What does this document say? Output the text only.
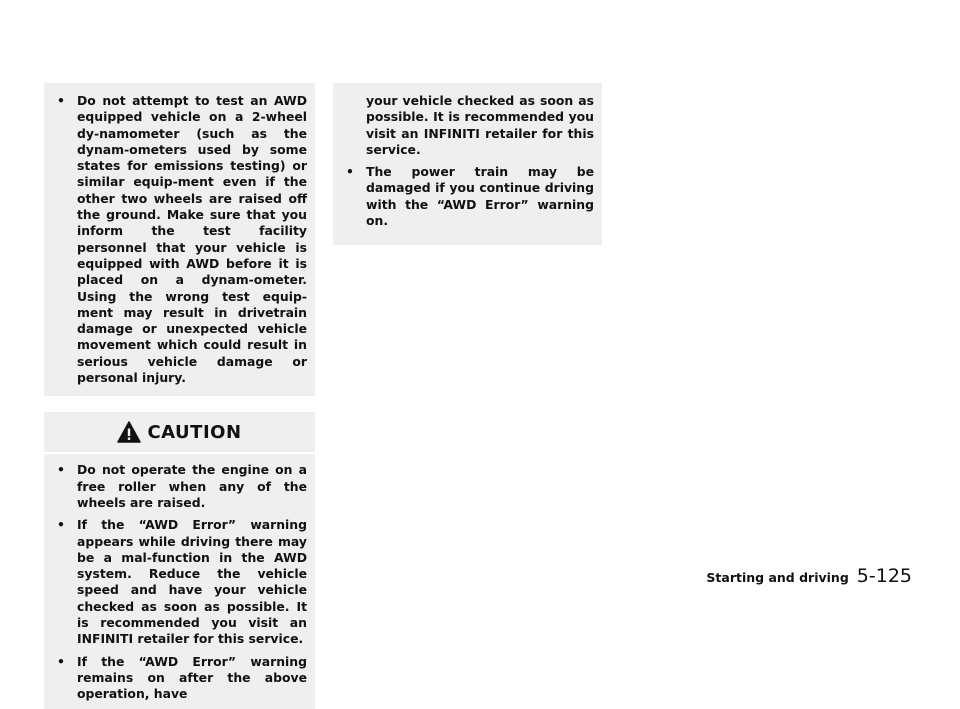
• Do not attempt to test an AWD equipped vehicle on a 2-wheel dy-namometer (such as the dynam-ometers used by some states for emissions testing) or similar equip-ment even if the other two wheels are raised off the ground. Make sure that you inform the test facility personnel that your vehicle is equipped with AWD before it is placed on a dynam-ometer. Using the wrong test equip-ment may result in drivetrain damage or unexpected vehicle movement which could result in serious vehicle damage or personal injury.
CAUTION
• Do not operate the engine on a free roller when any of the wheels are raised.
• If the “AWD Error” warning appears while driving there may be a mal-function in the AWD system. Reduce the vehicle speed and have your vehicle checked as soon as possible. It is recommended you visit an INFINITI retailer for this service.
• If the “AWD Error” warning remains on after the above operation, have
your vehicle checked as soon as possible. It is recommended you visit an INFINITI retailer for this service.
• The power train may be damaged if you continue driving with the “AWD Error” warning on.
Starting and driving 5-125
